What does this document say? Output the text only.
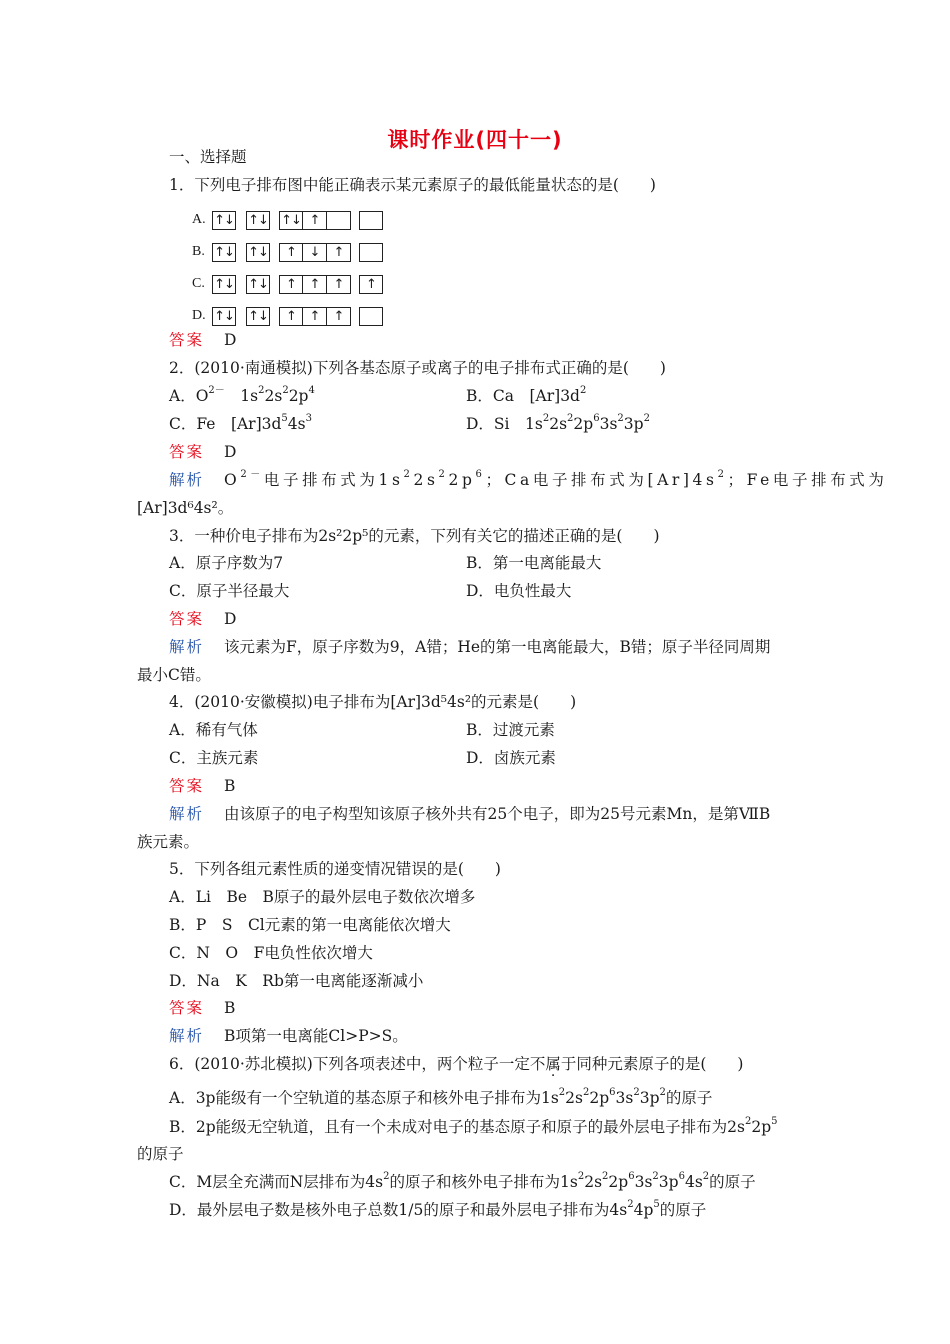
课时作业(四十一)
一、选择题
1．下列电子排布图中能正确表示某元素原子的最低能量状态的是(　　)
A. ↑↓ ↑↓ ↑↓ ↑
B. ↑↓ ↑↓	↑	↓	↑
C. ↑↓ ↑↓	↑	↑	↑	↑
D. ↑↓ ↑↓	↑	↑	↑
答案 D
2．(2010·南通模拟)下列各基态原子或离子的电子排布式正确的是(　　)
A．$O^{2-}$　$1s^22s^22p^4$	B．Ca　$[Ar]3d^2$
C．Fe　$[Ar]3d^54s^3$	D．Si　$1s^22s^22p^63s^23p^2$
答案 D
解析 $O^{2-}$电子排布式为$1s^22s^22p^6$；Ca电子排布式为$[Ar]4s^2$；Fe电子排布式为
[Ar]3d⁶4s²。
3．一种价电子排布为2s²2p⁵的元素，下列有关它的描述正确的是(　　)
A．原子序数为7	B．第一电离能最大
C．原子半径最大	D．电负性最大
答案 D
解析 该元素为F，原子序数为9，A错；He的第一电离能最大，B错；原子半径同周期
最小C错。
4．(2010·安徽模拟)电子排布为[Ar]3d⁵4s²的元素是(　　)
A．稀有气体	B．过渡元素
C．主族元素	D．卤族元素
答案 B
解析 由该原子的电子构型知该原子核外共有25个电子，即为25号元素Mn，是第ⅦB
族元素。
5．下列各组元素性质的递变情况错误的是(　　)
A．Li　Be　B原子的最外层电子数依次增多
B．P　S　Cl元素的第一电离能依次增大
C．N　O　F电负性依次增大
D．Na　K　Rb第一电离能逐渐减小
答案 B
解析 B项第一电离能Cl>P>S。
6．(2010·苏北模拟)下列各项表述中，两个粒子一定不属于同种元素原子的是(　　)
A．3p能级有一个空轨道的基态原子和核外电子排布为$1s^22s^22p^63s^23p^2$的原子
B．2p能级无空轨道，且有一个未成对电子的基态原子和原子的最外层电子排布为$2s^22p^5$
的原子
C．M层全充满而N层排布为$4s^2$的原子和核外电子排布为$1s^22s^22p^63s^23p^64s^2$的原子
D．最外层电子数是核外电子总数1/5的原子和最外层电子排布为$4s^24p^5$的原子
